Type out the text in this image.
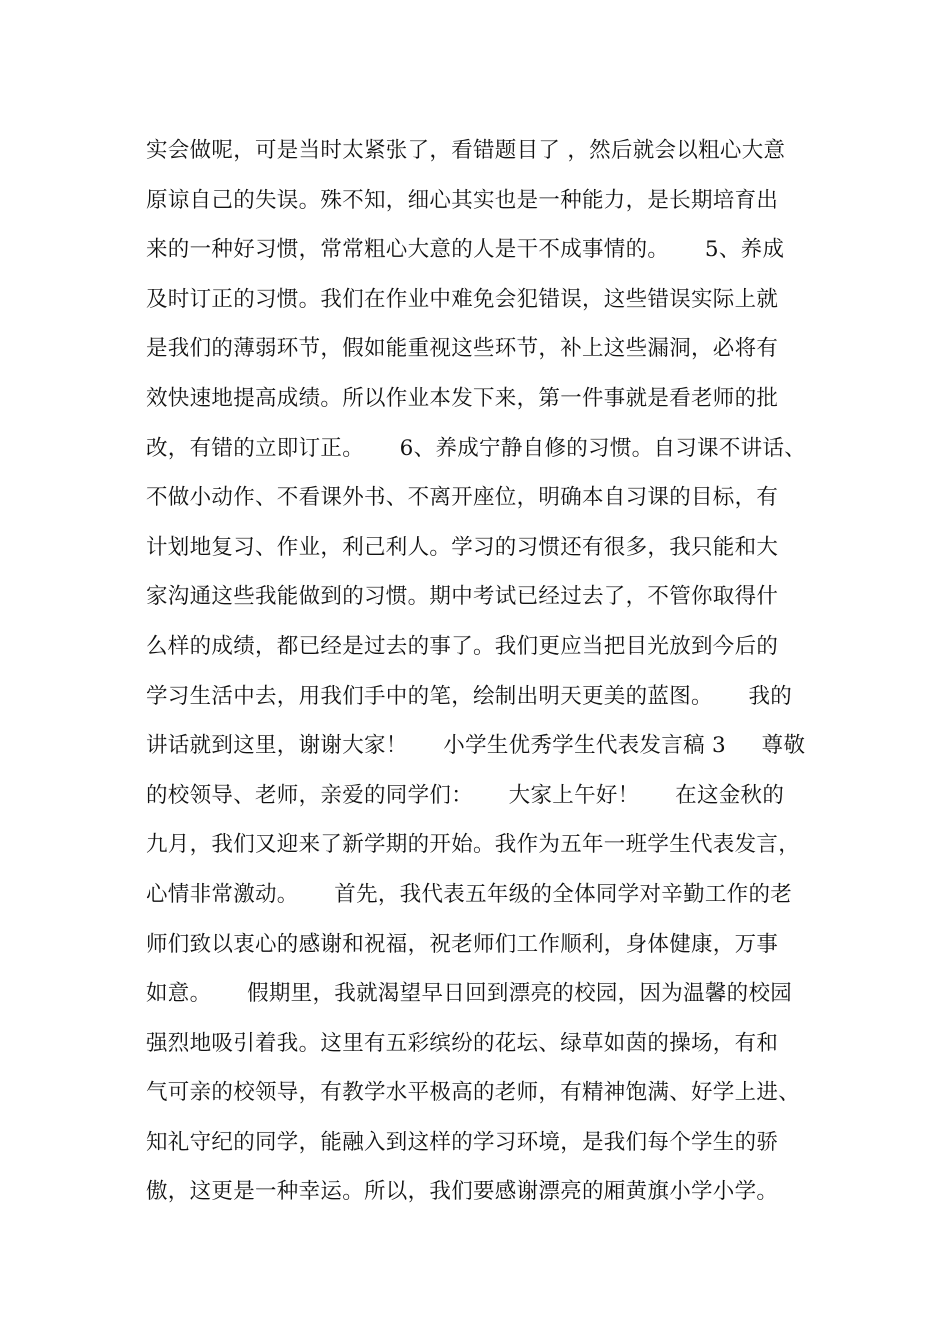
实会做呢，可是当时太紧张了，看错题目了 ，然后就会以粗心大意
原谅自己的失误。殊不知，细心其实也是一种能力，是长期培育出
来的一种好习惯，常常粗心大意的人是干不成事情的。     5、养成
及时订正的习惯。我们在作业中难免会犯错误，这些错误实际上就
是我们的薄弱环节，假如能重视这些环节，补上这些漏洞，必将有
效快速地提高成绩。所以作业本发下来，第一件事就是看老师的批
改，有错的立即订正。     6、养成宁静自修的习惯。自习课不讲话、
不做小动作、不看课外书、不离开座位，明确本自习课的目标，有
计划地复习、作业，利己利人。学习的习惯还有很多，我只能和大
家沟通这些我能做到的习惯。期中考试已经过去了，不管你取得什
么样的成绩，都已经是过去的事了。我们更应当把目光放到今后的
学习生活中去，用我们手中的笔，绘制出明天更美的蓝图。     我的
讲话就到这里，谢谢大家！     小学生优秀学生代表发言稿 3     尊敬
的校领导、老师，亲爱的同学们：     大家上午好！     在这金秋的
九月，我们又迎来了新学期的开始。我作为五年一班学生代表发言，
心情非常激动。     首先，我代表五年级的全体同学对辛勤工作的老
师们致以衷心的感谢和祝福，祝老师们工作顺利，身体健康，万事
如意。     假期里，我就渴望早日回到漂亮的校园，因为温馨的校园
强烈地吸引着我。这里有五彩缤纷的花坛、绿草如茵的操场，有和
气可亲的校领导，有教学水平极高的老师，有精神饱满、好学上进、
知礼守纪的同学，能融入到这样的学习环境，是我们每个学生的骄
傲，这更是一种幸运。所以，我们要感谢漂亮的厢黄旗小学小学。
